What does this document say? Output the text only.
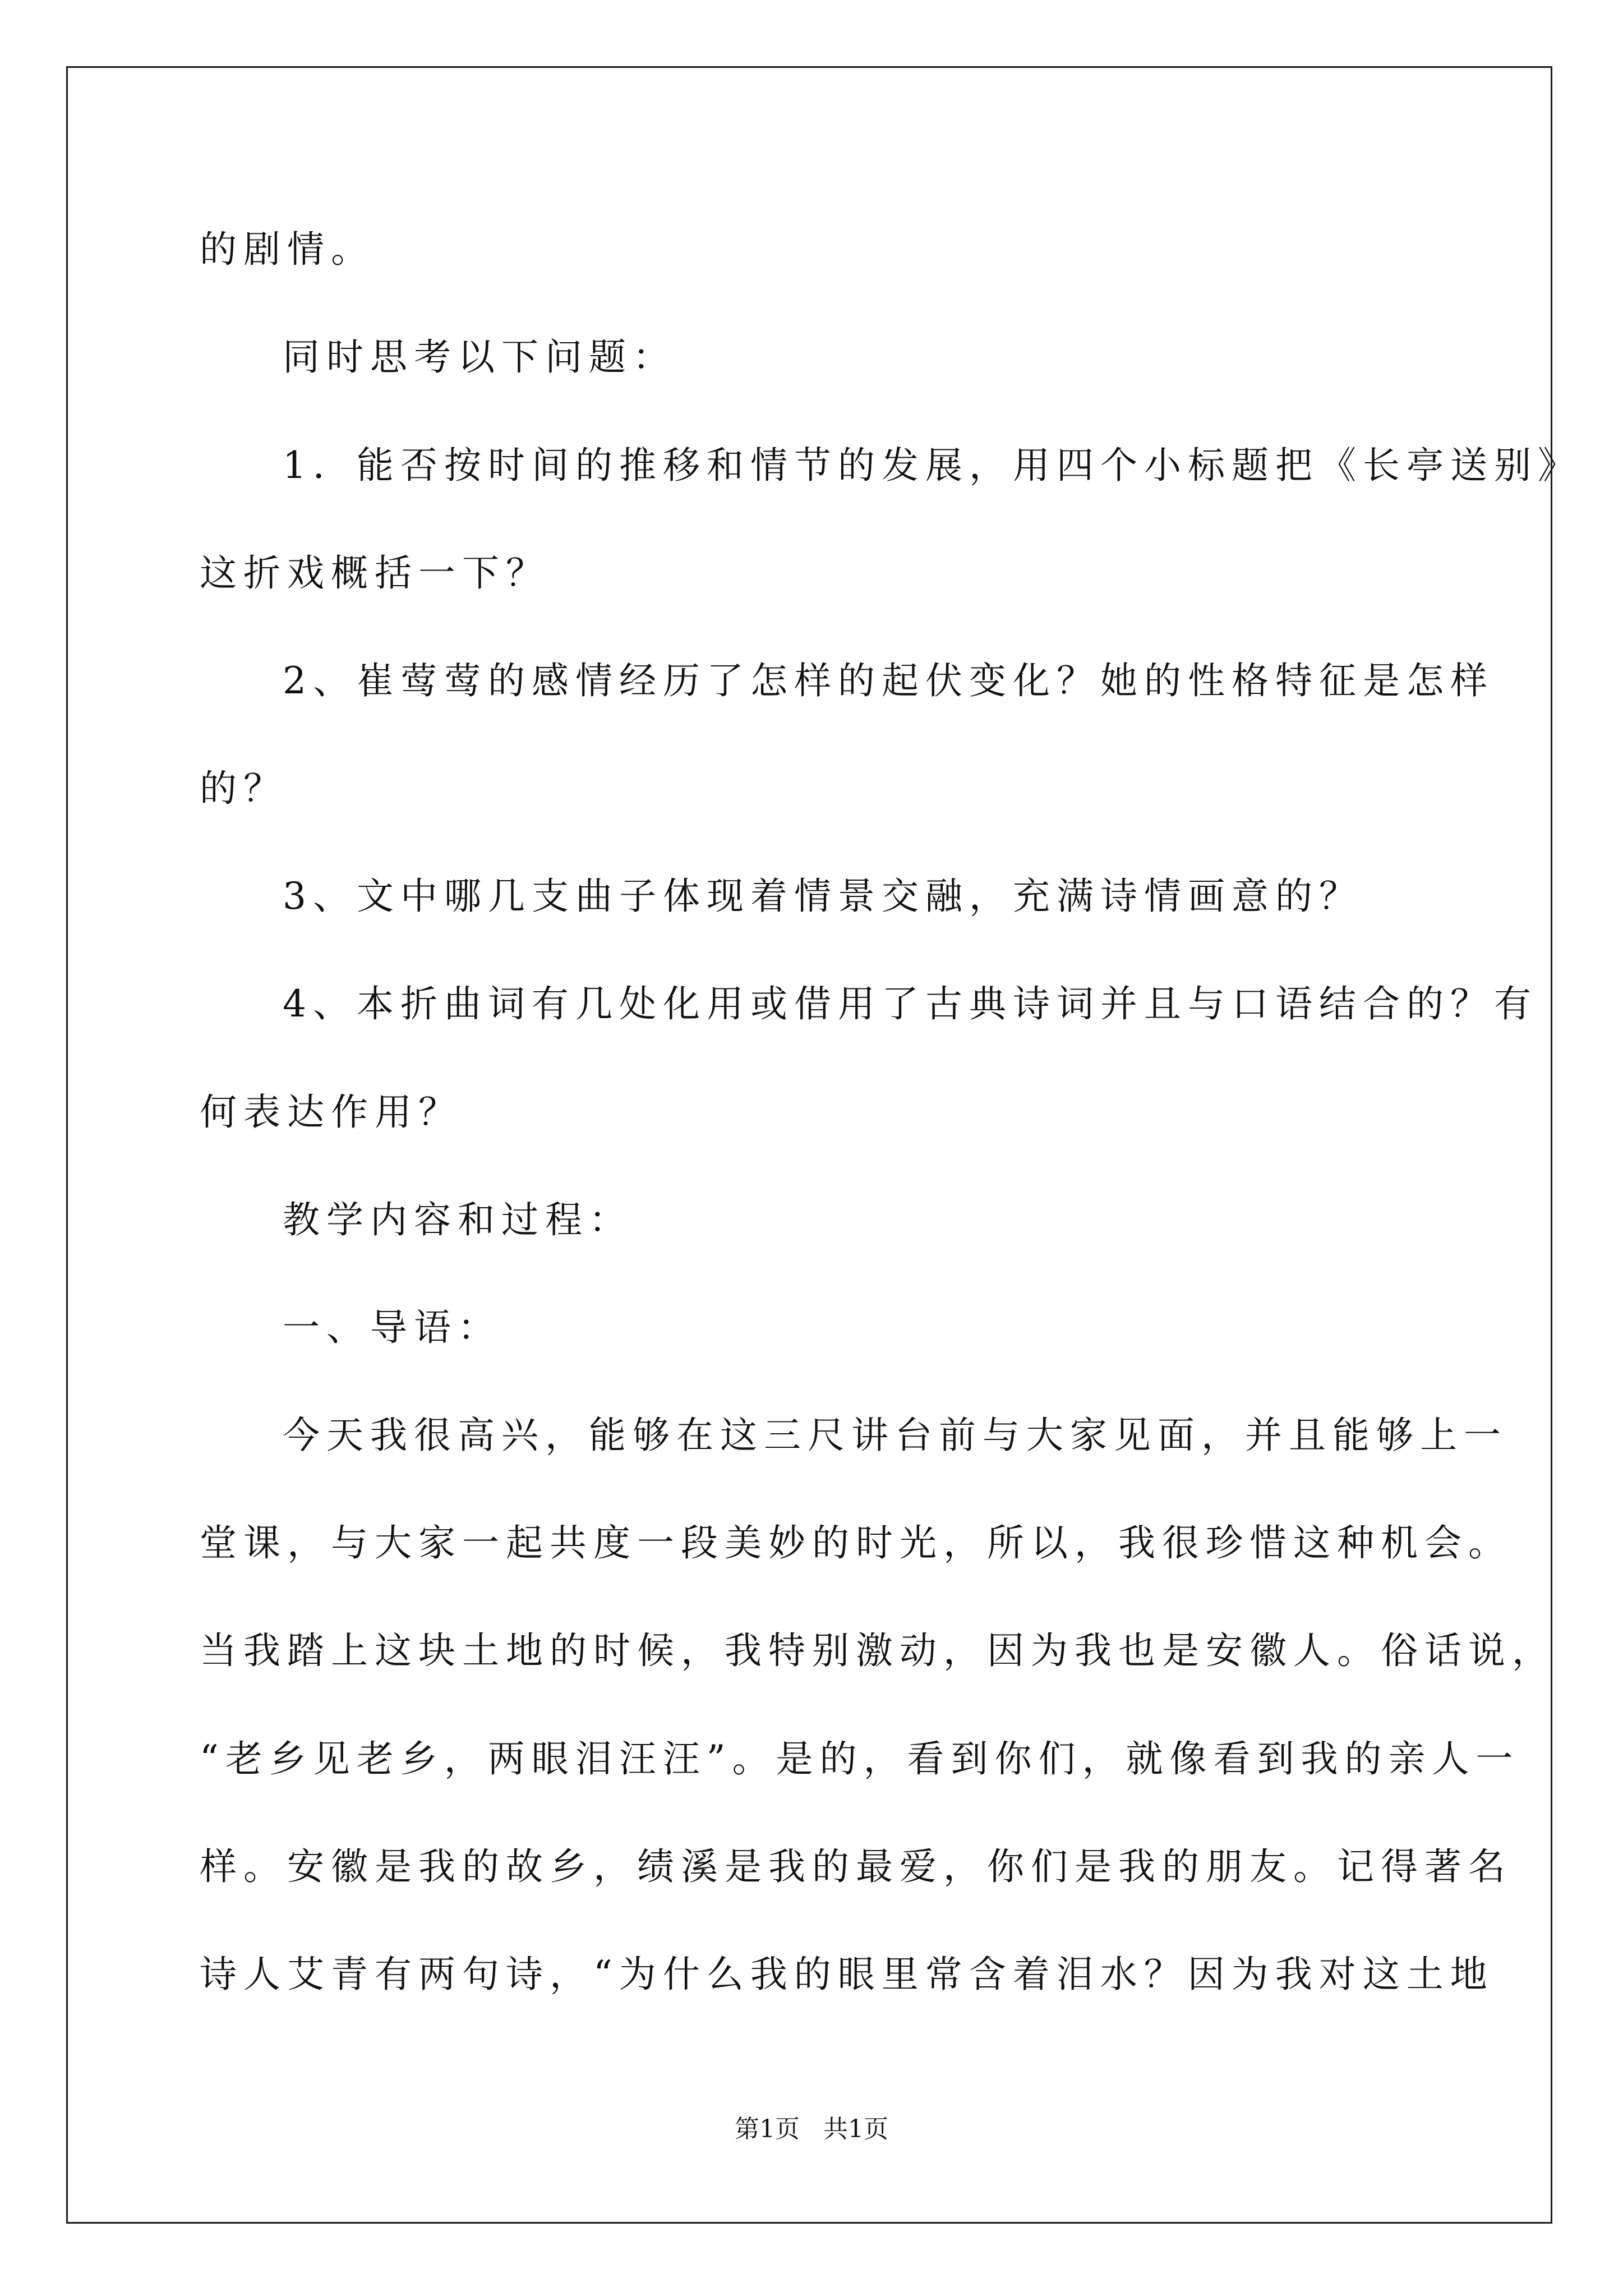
的剧情。
同时思考以下问题：
1．能否按时间的推移和情节的发展，用四个小标题把《长亭送别》
这折戏概括一下？
2、崔莺莺的感情经历了怎样的起伏变化？她的性格特征是怎样
的？
3、文中哪几支曲子体现着情景交融，充满诗情画意的？
4、本折曲词有几处化用或借用了古典诗词并且与口语结合的？有
何表达作用？
教学内容和过程：
一、导语：
今天我很高兴，能够在这三尺讲台前与大家见面，并且能够上一
堂课，与大家一起共度一段美妙的时光，所以，我很珍惜这种机会。
当我踏上这块土地的时候，我特别激动，因为我也是安徽人。俗话说，
“老乡见老乡，两眼泪汪汪”。是的，看到你们，就像看到我的亲人一
样。安徽是我的故乡，绩溪是我的最爱，你们是我的朋友。记得著名
诗人艾青有两句诗，“为什么我的眼里常含着泪水？因为我对这土地
第1页   共1页
